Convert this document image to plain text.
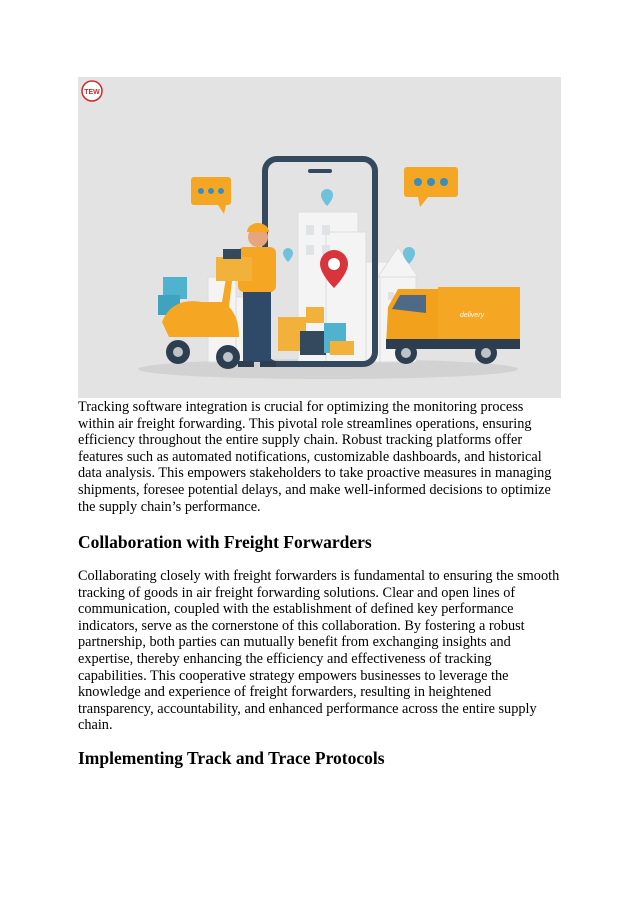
TEW
delivery

Tracking software integration is crucial for optimizing the monitoring process within air freight forwarding. This pivotal role streamlines operations, ensuring efficiency throughout the entire supply chain. Robust tracking platforms offer features such as automated notifications, customizable dashboards, and historical data analysis. This empowers stakeholders to take proactive measures in managing shipments, foresee potential delays, and make well-informed decisions to optimize the supply chain’s performance.

Collaboration with Freight Forwarders

Collaborating closely with freight forwarders is fundamental to ensuring the smooth tracking of goods in air freight forwarding solutions. Clear and open lines of communication, coupled with the establishment of defined key performance indicators, serve as the cornerstone of this collaboration. By fostering a robust partnership, both parties can mutually benefit from exchanging insights and expertise, thereby enhancing the efficiency and effectiveness of tracking capabilities. This cooperative strategy empowers businesses to leverage the knowledge and experience of freight forwarders, resulting in heightened transparency, accountability, and enhanced performance across the entire supply chain.

Implementing Track and Trace Protocols
